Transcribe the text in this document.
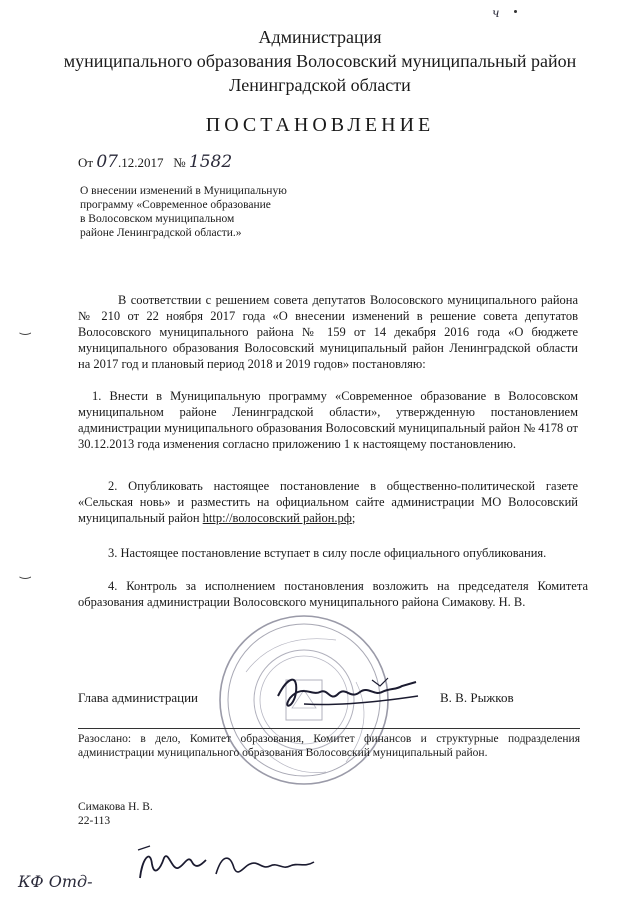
Администрация
муниципального образования Волосовский муниципальный район
Ленинградской области
ч
ПОСТАНОВЛЕНИЕ
От 07.12.2017 № 1582
О внесении изменений в Муниципальную
программу «Современное образование
в Волосовском муниципальном
районе Ленинградской области.»
‿
‿
В соответствии с решением совета депутатов Волосовского муниципального района № 210 от 22 ноября 2017 года «О внесении изменений в решение совета депутатов Волосовского муниципального района № 159 от 14 декабря 2016 года «О бюджете муниципального образования Волосовский муниципальный район Ленинградской области на 2017 год и плановый период 2018 и 2019 годов» постановляю:
1. Внести в Муниципальную программу «Современное образование в Волосовском муниципальном районе Ленинградской области», утвержденную постановлением администрации муниципального образования Волосовский муниципальный район № 4178 от 30.12.2013 года изменения согласно приложению 1 к настоящему постановлению.
2. Опубликовать настоящее постановление в общественно-политической газете «Сельская новь» и разместить на официальном сайте администрации МО Волосовский муниципальный район http://волосовский район.рф;
3. Настоящее постановление вступает в силу после официального опубликования.
4. Контроль за исполнением постановления возложить на председателя Комитета образования администрации Волосовского муниципального района Симакову. Н. В.
Глава администрации	В. В. Рыжков
Разослано: в дело, Комитет образования, Комитет финансов и структурные подразделения администрации муниципального образования Волосовский муниципальный район.
Симакова Н. В.
22-113
КФ Отд-
